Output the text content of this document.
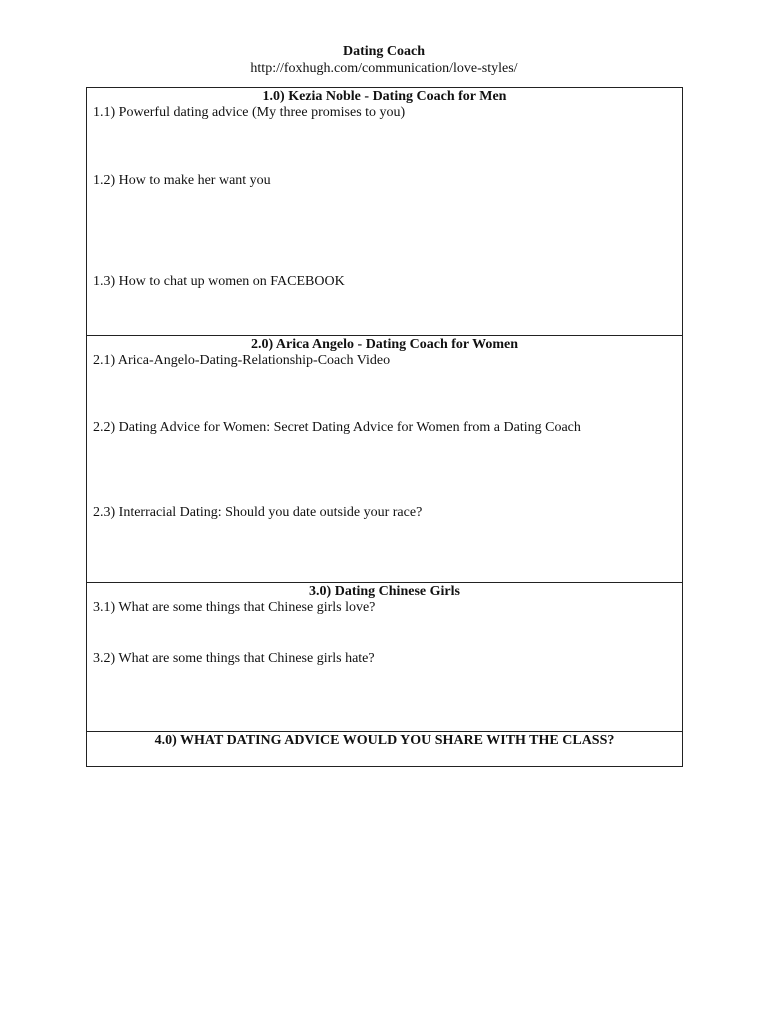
Dating Coach
http://foxhugh.com/communication/love-styles/
1.0) Kezia Noble - Dating Coach for Men
1.1) Powerful dating advice (My three promises to you)
1.2) How to make her want you
1.3) How to chat up women on FACEBOOK
2.0) Arica Angelo - Dating Coach for Women
2.1) Arica-Angelo-Dating-Relationship-Coach Video
2.2) Dating Advice for Women: Secret Dating Advice for Women from a Dating Coach
2.3) Interracial Dating: Should you date outside your race?
3.0) Dating Chinese Girls
3.1) What are some things that Chinese girls love?
3.2) What are some things that Chinese girls hate?
4.0) WHAT DATING ADVICE WOULD YOU SHARE WITH THE CLASS?
